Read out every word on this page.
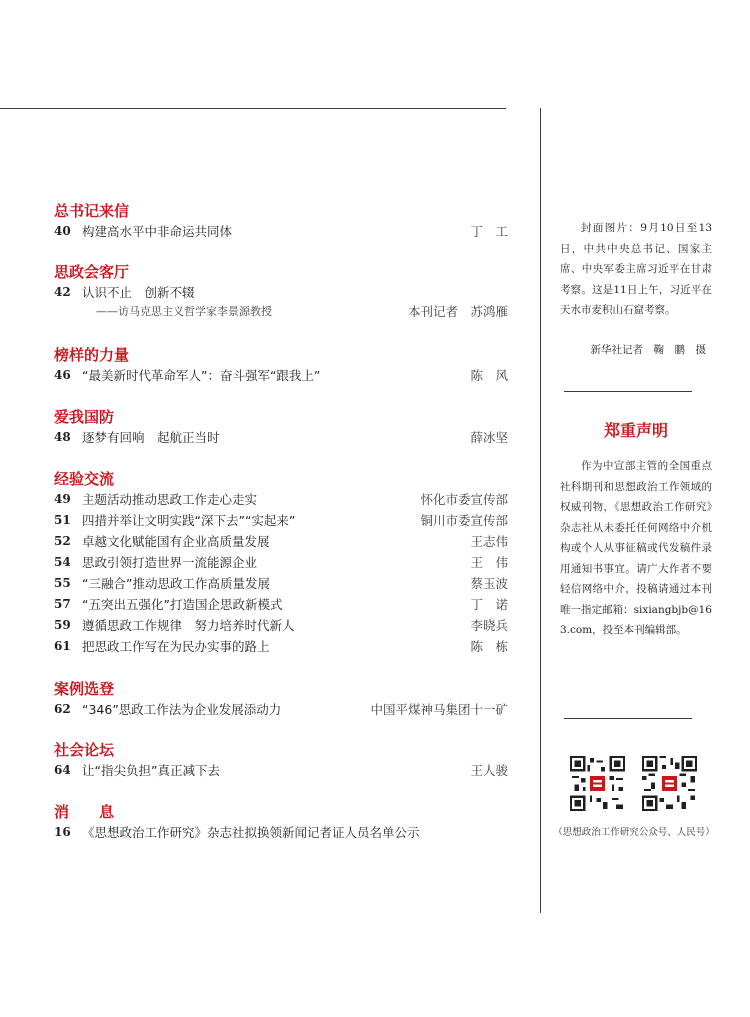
总书记来信
40 构建高水平中非命运共同体	丁　工
思政会客厅
42 认识不止　创新不辍
——访马克思主义哲学家李景源教授	本刊记者　苏鸿雁
榜样的力量
46 “最美新时代革命军人”：奋斗强军“跟我上”	陈　风
爱我国防
48 逐梦有回响　起航正当时	薛冰坚
经验交流
49 主题活动推动思政工作走心走实	怀化市委宣传部
51 四措并举让文明实践“深下去”“实起来”	铜川市委宣传部
52 卓越文化赋能国有企业高质量发展	王志伟
54 思政引领打造世界一流能源企业	王　伟
55 “三融合”推动思政工作高质量发展	蔡玉波
57 “五突出五强化”打造国企思政新模式	丁　诺
59 遵循思政工作规律　努力培养时代新人	李晓兵
61 把思政工作写在为民办实事的路上	陈　栋
案例选登
62 “346”思政工作法为企业发展添动力	中国平煤神马集团十一矿
社会论坛
64 让“指尖负担”真正减下去	王人骏
消　　息
16 《思想政治工作研究》杂志社拟换领新闻记者证人员名单公示

封面图片：9月10日至13日，中共中央总书记、国家主席、中央军委主席习近平在甘肃考察。这是11日上午，习近平在天水市麦积山石窟考察。

新华社记者　鞠　鹏　摄
郑重声明

作为中宣部主管的全国重点社科期刊和思想政治工作领域的权威刊物，《思想政治工作研究》杂志社从未委托任何网络中介机构或个人从事征稿或代发稿件录用通知书事宜。请广大作者不要轻信网络中介，投稿请通过本刊唯一指定邮箱：sixiangbjb@163.com，投至本刊编辑部。

（思想政治工作研究公众号、人民号）
